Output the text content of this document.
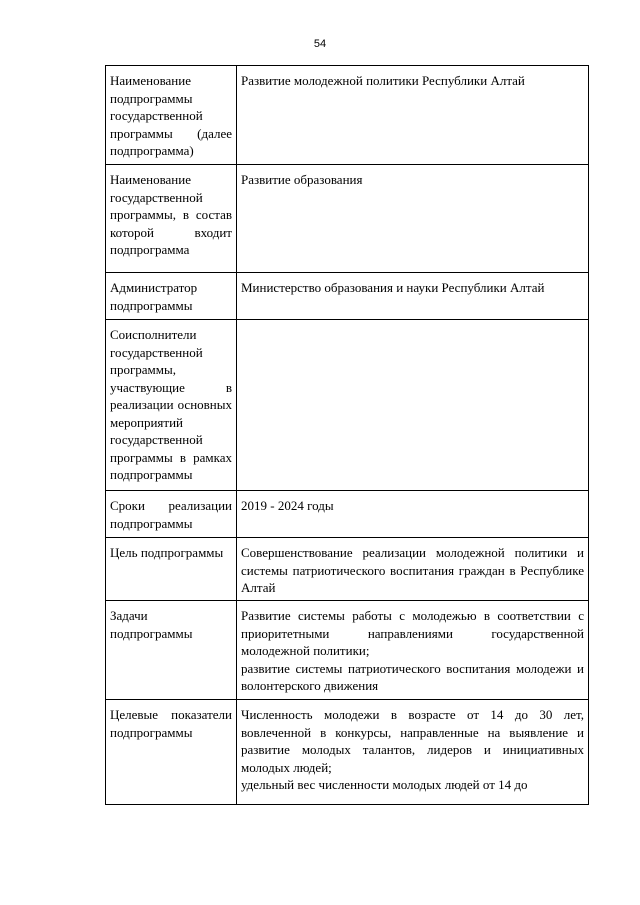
54
Наименование подпрограммы государственной программы (далее подпрограмма)	Развитие молодежной политики Республики Алтай

Наименование государственной программы, в состав которой входит подпрограмма	Развитие образования

Администратор подпрограммы	Министерство образования и науки Республики Алтай

Соисполнители государственной программы, участвующие в реализации основных мероприятий государственной программы в рамках подпрограммы	

Сроки реализации подпрограммы	2019 - 2024 годы

Цель подпрограммы	Совершенствование реализации молодежной политики и системы патриотического воспитания граждан в Республике Алтай

Задачи подпрограммы	Развитие системы работы с молодежью в соответствии с приоритетными направлениями государственной молодежной политики;
развитие системы патриотического воспитания молодежи и волонтерского движения

Целевые показатели подпрограммы	Численность молодежи в возрасте от 14 до 30 лет, вовлеченной в конкурсы, направленные на выявление и развитие молодых талантов, лидеров и инициативных молодых людей;
удельный вес численности молодых людей от 14 до
